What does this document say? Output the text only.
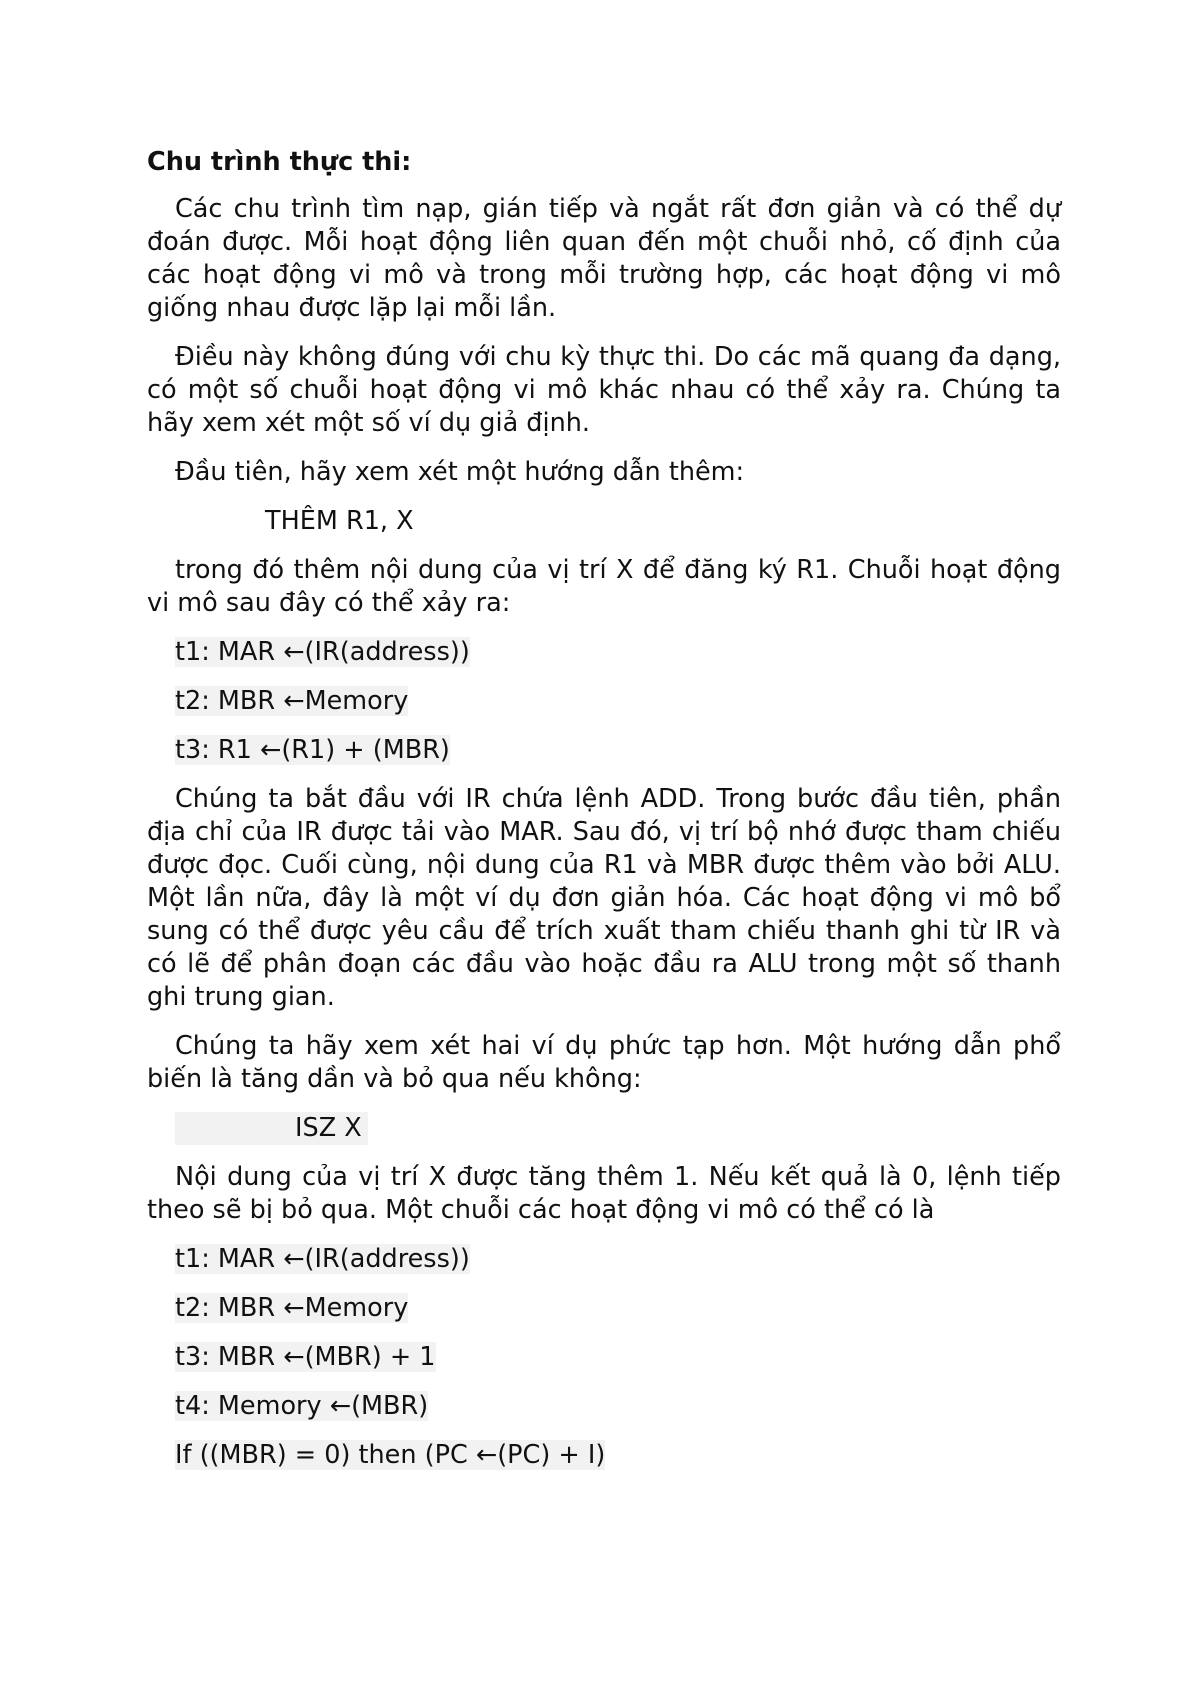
Chu trình thực thi:

Các chu trình tìm nạp, gián tiếp và ngắt rất đơn giản và có thể dự đoán được. Mỗi hoạt động liên quan đến một chuỗi nhỏ, cố định của các hoạt động vi mô và trong mỗi trường hợp, các hoạt động vi mô giống nhau được lặp lại mỗi lần.

Điều này không đúng với chu kỳ thực thi. Do các mã quang đa dạng, có một số chuỗi hoạt động vi mô khác nhau có thể xảy ra. Chúng ta hãy xem xét một số ví dụ giả định.

Đầu tiên, hãy xem xét một hướng dẫn thêm:

THÊM R1, X

trong đó thêm nội dung của vị trí X để đăng ký R1. Chuỗi hoạt động vi mô sau đây có thể xảy ra:

t1: MAR ←(IR(address))
t2: MBR ←Memory
t3: R1 ←(R1) + (MBR)

Chúng ta bắt đầu với IR chứa lệnh ADD. Trong bước đầu tiên, phần địa chỉ của IR được tải vào MAR. Sau đó, vị trí bộ nhớ được tham chiếu được đọc. Cuối cùng, nội dung của R1 và MBR được thêm vào bởi ALU. Một lần nữa, đây là một ví dụ đơn giản hóa. Các hoạt động vi mô bổ sung có thể được yêu cầu để trích xuất tham chiếu thanh ghi từ IR và có lẽ để phân đoạn các đầu vào hoặc đầu ra ALU trong một số thanh ghi trung gian.

Chúng ta hãy xem xét hai ví dụ phức tạp hơn. Một hướng dẫn phổ biến là tăng dần và bỏ qua nếu không:

ISZ X

Nội dung của vị trí X được tăng thêm 1. Nếu kết quả là 0, lệnh tiếp theo sẽ bị bỏ qua. Một chuỗi các hoạt động vi mô có thể có là

t1: MAR ←(IR(address))
t2: MBR ←Memory
t3: MBR ←(MBR) + 1
t4: Memory ←(MBR)
If ((MBR) = 0) then (PC ←(PC) + I)
